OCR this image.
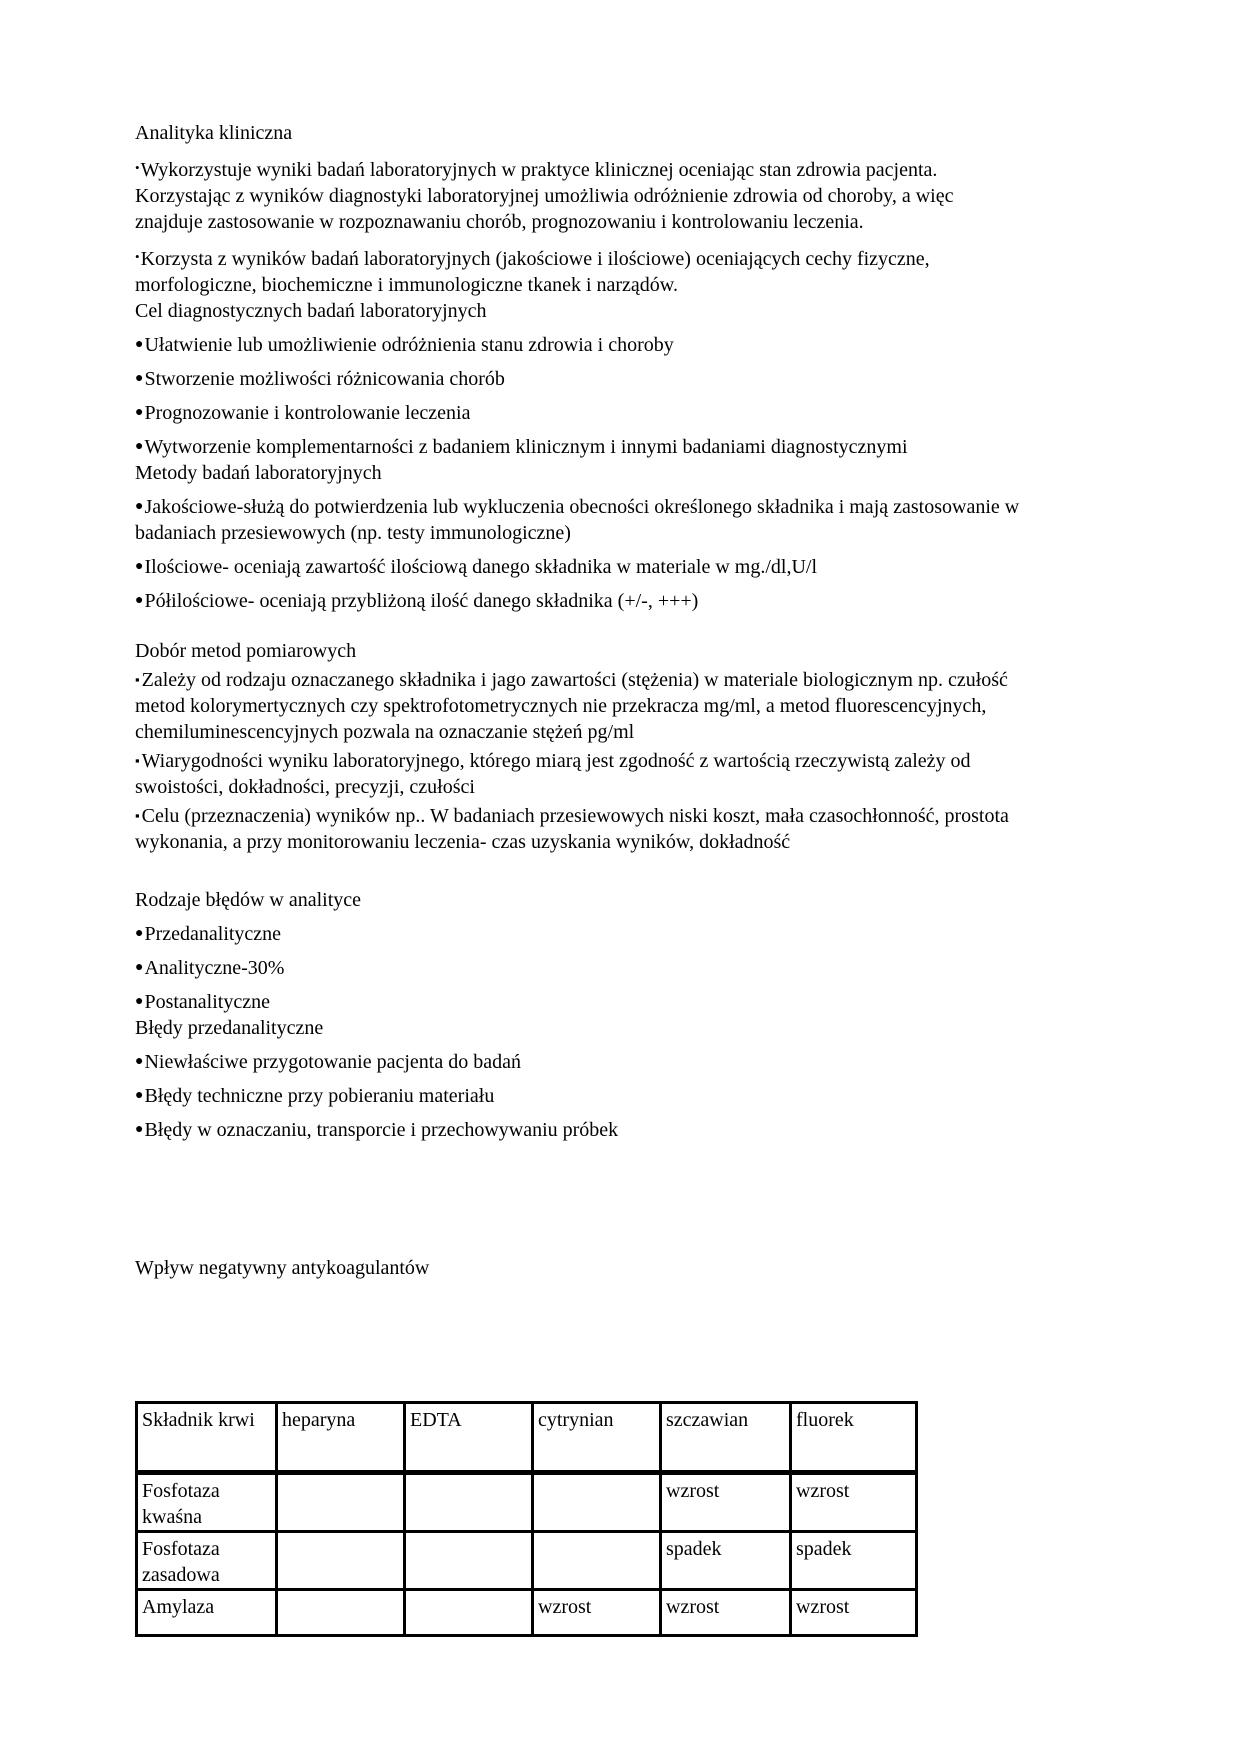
Analityka kliniczna

•Wykorzystuje wyniki badań laboratoryjnych w praktyce klinicznej oceniając stan zdrowia pacjenta. Korzystając z wyników diagnostyki laboratoryjnej umożliwia odróżnienie zdrowia od choroby, a więc znajduje zastosowanie w rozpoznawaniu chorób, prognozowaniu i kontrolowaniu leczenia.

•Korzysta z wyników badań laboratoryjnych (jakościowe i ilościowe) oceniających cechy fizyczne, morfologiczne, biochemiczne i immunologiczne tkanek i narządów.

Cel diagnostycznych badań laboratoryjnych

●Ułatwienie lub umożliwienie odróżnienia stanu zdrowia i choroby

●Stworzenie możliwości różnicowania chorób

●Prognozowanie i kontrolowanie leczenia

●Wytworzenie komplementarności z badaniem klinicznym i innymi badaniami diagnostycznymi

Metody badań laboratoryjnych

●Jakościowe-służą do potwierdzenia lub wykluczenia obecności określonego składnika i mają zastosowanie w badaniach przesiewowych (np. testy immunologiczne)

●Ilościowe- oceniają zawartość ilościową danego składnika w materiale w mg./dl,U/l

●Półilościowe- oceniają przybliżoną ilość danego składnika (+/-, +++)

Dobór metod pomiarowych

▪ Zależy od rodzaju oznaczanego składnika i jago zawartości (stężenia) w materiale biologicznym np. czułość metod kolorymertycznych czy spektrofotometrycznych nie przekracza mg/ml, a metod fluorescencyjnych, chemiluminescencyjnych pozwala na oznaczanie stężeń pg/ml

▪ Wiarygodności wyniku laboratoryjnego, którego miarą jest zgodność z wartością rzeczywistą zależy od swoistości, dokładności, precyzji, czułości

▪ Celu (przeznaczenia) wyników np.. W badaniach przesiewowych niski koszt, mała czasochłonność, prostota wykonania, a przy monitorowaniu leczenia- czas uzyskania wyników, dokładność

Rodzaje błędów w analityce

●Przedanalityczne

●Analityczne-30%

●Postanalityczne

Błędy przedanalityczne

●Niewłaściwe przygotowanie pacjenta do badań

●Błędy techniczne przy pobieraniu materiału

●Błędy w oznaczaniu, transporcie i przechowywaniu próbek

Wpływ negatywny antykoagulantów

Składnik krwi	heparyna	EDTA	cytrynian	szczawian	fluorek
Fosfotaza kwaśna				wzrost	wzrost
Fosfotaza zasadowa				spadek	spadek
Amylaza			wzrost	wzrost	wzrost
